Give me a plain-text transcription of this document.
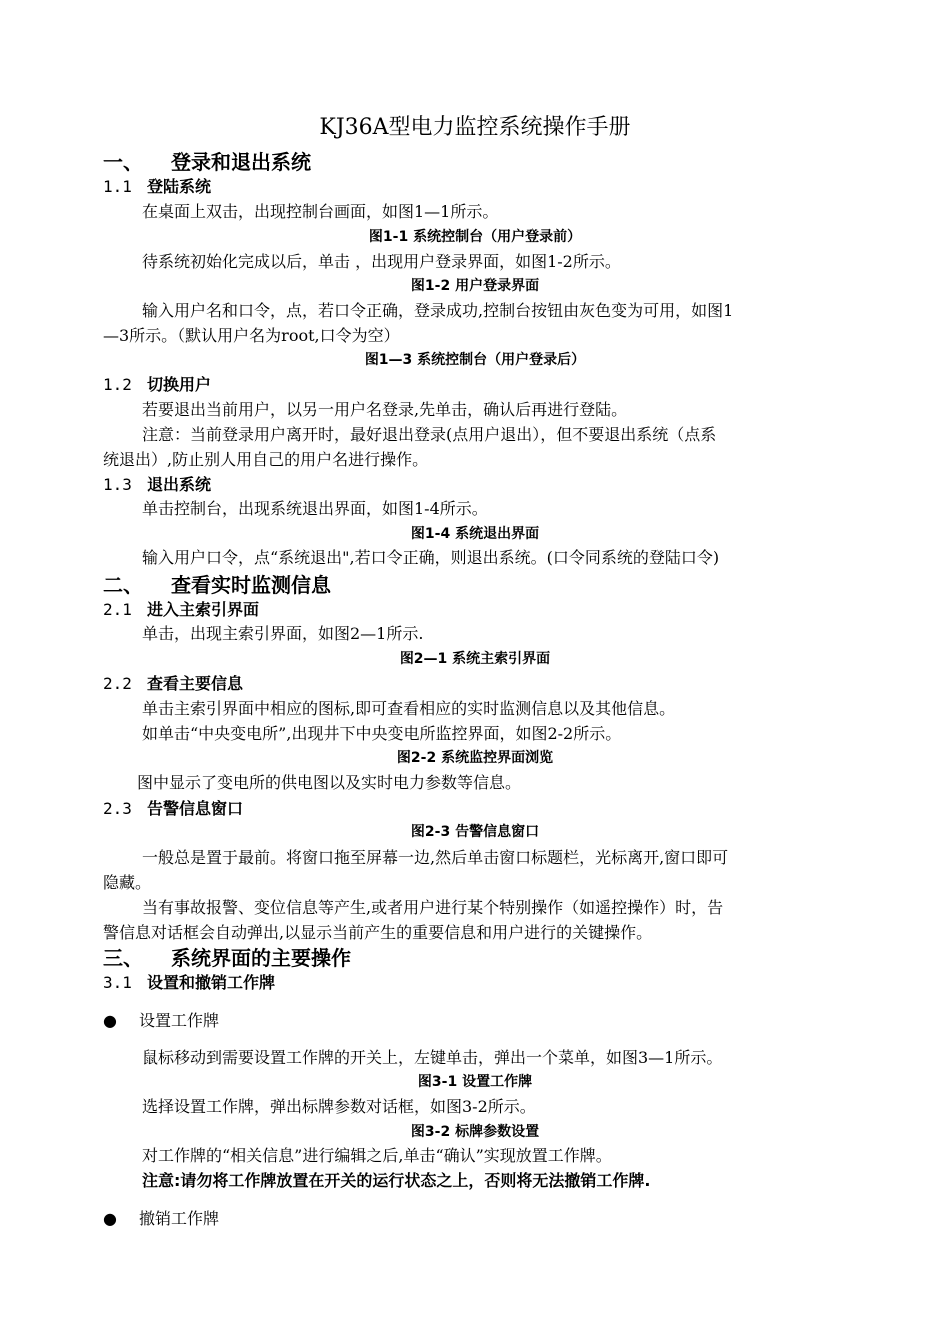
KJ36A型电力监控系统操作手册
一、 登录和退出系统
1.1 登陆系统
在桌面上双击，出现控制台画面，如图1—1所示。
图1-1 系统控制台（用户登录前）
待系统初始化完成以后，单击 ，出现用户登录界面，如图1-2所示。
图1-2 用户登录界面
输入用户名和口令，点，若口令正确，登录成功,控制台按钮由灰色变为可用，如图1
—3所示。（默认用户名为root,口令为空）
图1—3 系统控制台（用户登录后）
1.2 切换用户
若要退出当前用户，以另一用户名登录,先单击，确认后再进行登陆。
注意：当前登录用户离开时，最好退出登录(点用户退出），但不要退出系统（点系
统退出）,防止别人用自己的用户名进行操作。
1.3 退出系统
单击控制台，出现系统退出界面，如图1-4所示。
图1-4 系统退出界面
输入用户口令，点“系统退出",若口令正确，则退出系统。(口令同系统的登陆口令)
二、 查看实时监测信息
2.1 进入主索引界面
单击，出现主索引界面，如图2—1所示.
图2—1 系统主索引界面
2.2 查看主要信息
单击主索引界面中相应的图标,即可查看相应的实时监测信息以及其他信息。
如单击“中央变电所”,出现井下中央变电所监控界面，如图2-2所示。
图2-2 系统监控界面浏览
图中显示了变电所的供电图以及实时电力参数等信息。
2.3 告警信息窗口
图2-3 告警信息窗口
一般总是置于最前。将窗口拖至屏幕一边,然后单击窗口标题栏，光标离开,窗口即可
隐藏。
当有事故报警、变位信息等产生,或者用户进行某个特别操作（如遥控操作）时，告
警信息对话框会自动弹出,以显示当前产生的重要信息和用户进行的关键操作。
三、 系统界面的主要操作
3.1 设置和撤销工作牌
● 设置工作牌
鼠标移动到需要设置工作牌的开关上，左键单击，弹出一个菜单，如图3—1所示。
图3-1 设置工作牌
选择设置工作牌，弹出标牌参数对话框，如图3-2所示。
图3-2 标牌参数设置
对工作牌的“相关信息”进行编辑之后,单击“确认”实现放置工作牌。
注意:请勿将工作牌放置在开关的运行状态之上，否则将无法撤销工作牌.
● 撤销工作牌
